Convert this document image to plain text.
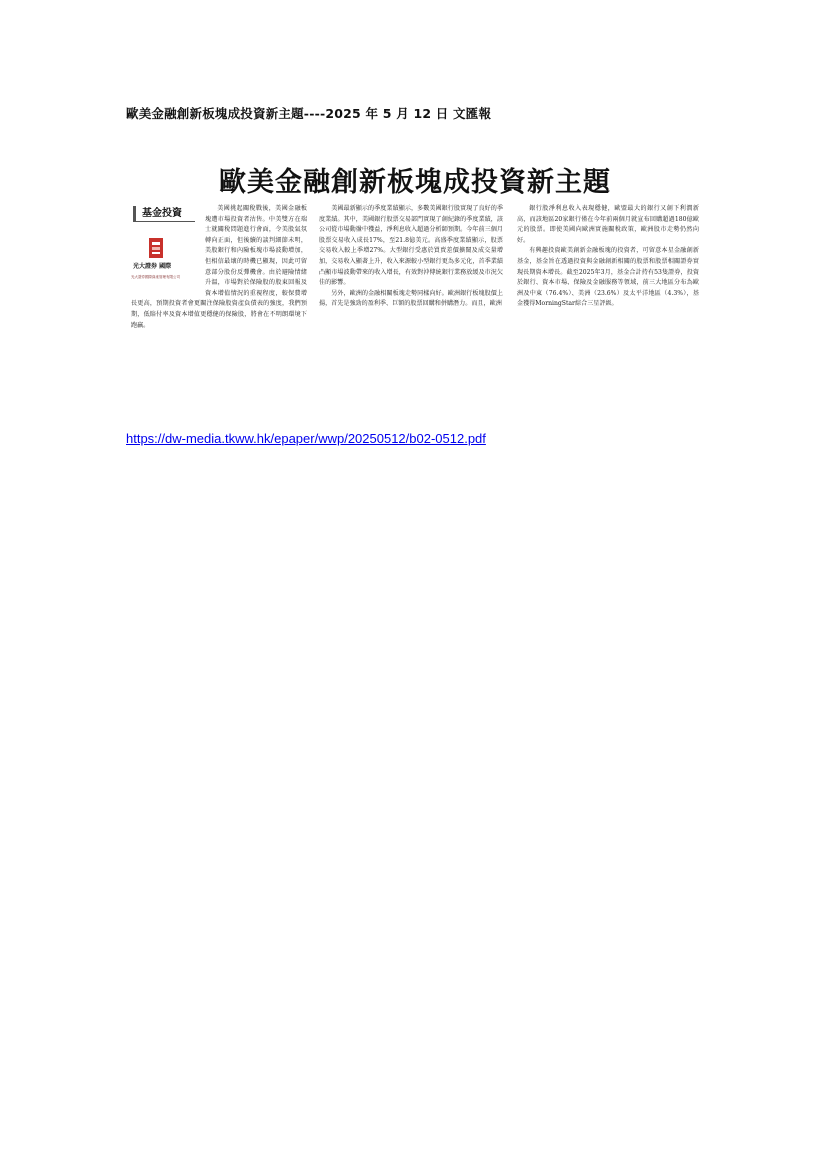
歐美金融創新板塊成投資新主題----2025 年 5 月 12 日 文匯報
歐美金融創新板塊成投資新主題
基金投資
光大證券 國際
光大證券國際資產管理有限公司

美國挑起關稅戰後，美國金融板塊遭市場投資者沽售。中美雙方在瑞士就關稅問題進行會面，令美股氣氛轉向正面，但後續的談判細節未明，美股銀行和內險板塊市場波動增加，但相信最壞的時機已顯現，因此可留意部分股份反彈機會。由於避險情緒升溫，市場對於保險股的股東回報及資本增值情況的重視程度，較保費增長更高，預期投資者會更關注保險股資產負債表的強度，我們預期，低賠付率及資本增值更穩健的保險股，將會在不明朗環境下跑贏。

美國最新顯示的季度業績顯示，多數美國銀行股實現了良好的季度業績。其中，美國銀行股票交易部門實現了創紀錄的季度業績，該公司從市場動盪中獲益，淨利息收入超過分析師預期。今年前三個月股票交易收入成長17%，至21.8億美元。高盛季度業績顯示，股票交易收入較上季增27%。大型銀行受惠於買賣差價擴闊及成交量增加，交易收入顯著上升，收入來源較小型銀行更為多元化，首季業績凸顯市場波動帶來的收入增長，有效對沖傳統銀行業務放緩及市況欠佳的影響。

另外，歐洲的金融相關板塊走勢同樣向好。歐洲銀行板塊股價上揚，首先是強勁的盈利季、巨額的股票回購和併購潛力。而且，歐洲

銀行股淨利息收入表現穩健，歐盟最大的銀行又創下利潤新高，而該地區20家銀行僅在今年前兩個月就宣布回購超過180億歐元的股票。即使美國向歐洲實施關稅政策，歐洲股市走勢仍然向好。

有興趣投資歐美創新金融板塊的投資者，可留意本星金融創新基金，基金旨在透過投資與金融創新相關的股票和股票相關證券實現長期資本增長。截至2025年3月，基金合計持有53隻證券，投資於銀行、資本市場、保險及金融服務等領域，前三大地區分布為歐洲及中東（76.4%）、美洲（23.6%）及太平洋地區（4.3%），基金獲得MorningStar綜合三星評級。

https://dw-media.tkww.hk/epaper/wwp/20250512/b02-0512.pdf
